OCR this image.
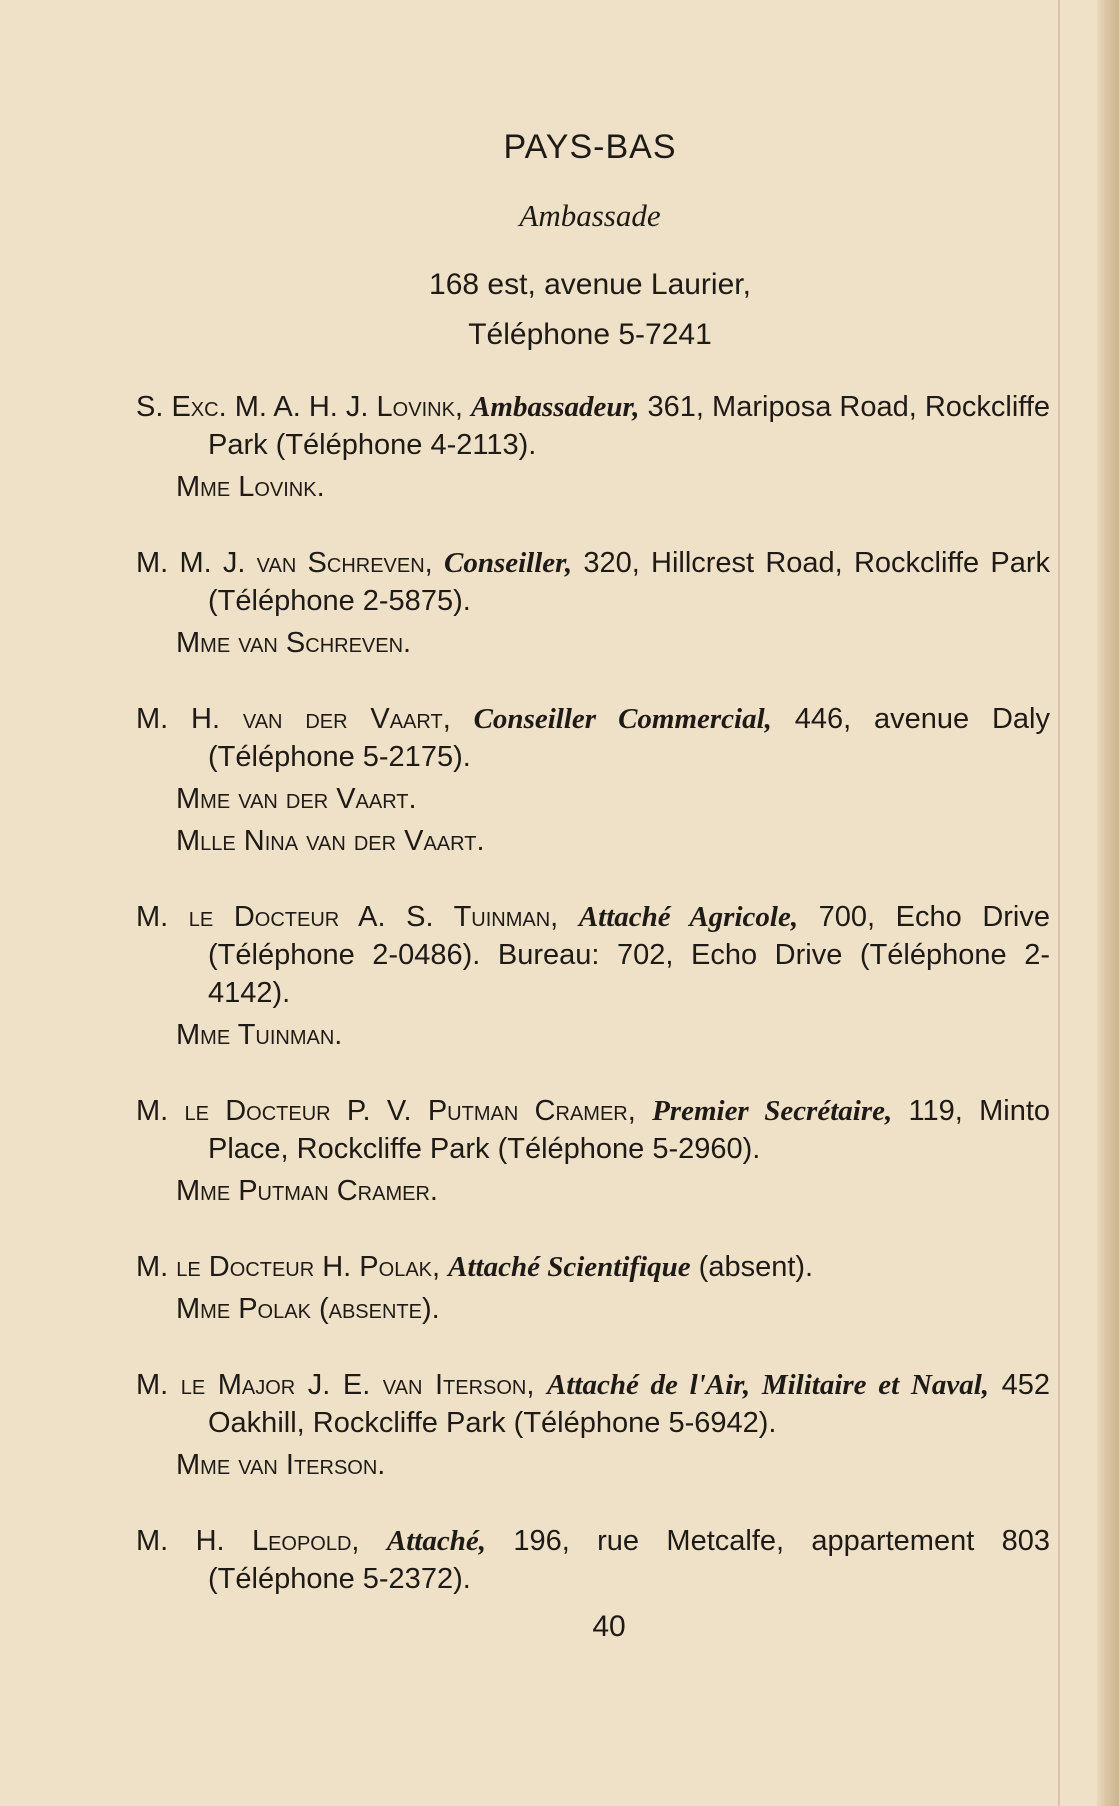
PAYS-BAS
Ambassade
168 est, avenue Laurier,
Téléphone 5-7241
S. Exc. M. A. H. J. Lovink, Ambassadeur, 361, Mariposa Road, Rockcliffe Park (Téléphone 4-2113).
Mme Lovink.
M. M. J. van Schreven, Conseiller, 320, Hillcrest Road, Rockcliffe Park (Téléphone 2-5875).
Mme van Schreven.
M. H. van der Vaart, Conseiller Commercial, 446, avenue Daly (Téléphone 5-2175).
Mme van der Vaart.
Mlle Nina van der Vaart.
M. le Docteur A. S. Tuinman, Attaché Agricole, 700, Echo Drive (Téléphone 2-0486). Bureau: 702, Echo Drive (Téléphone 2-4142).
Mme Tuinman.
M. le Docteur P. V. Putman Cramer, Premier Secrétaire, 119, Minto Place, Rockcliffe Park (Téléphone 5-2960).
Mme Putman Cramer.
M. le Docteur H. Polak, Attaché Scientifique (absent).
Mme Polak (absente).
M. le Major J. E. van Iterson, Attaché de l'Air, Militaire et Naval, 452 Oakhill, Rockcliffe Park (Téléphone 5-6942).
Mme van Iterson.
M. H. Leopold, Attaché, 196, rue Metcalfe, appartement 803 (Téléphone 5-2372).
40
